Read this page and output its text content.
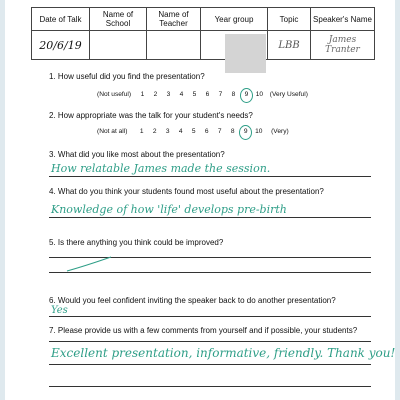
Date of Talk	Name of School	Name of Teacher	Year group	Topic	Speaker's Name
20/6/19				LBB	James Tranter
1. How useful did you find the presentation?
(Not useful) 1 2 3 4 5 6 7 8 9 10 (Very Useful)
2. How appropriate was the talk for your student's needs?
(Not at all) 1 2 3 4 5 6 7 8 9 10 (Very)
3. What did you like most about the presentation?
How relatable James made the session.
4. What do you think your students found most useful about the presentation?
Knowledge of how 'life' develops pre-birth
5. Is there anything you think could be improved?
6. Would you feel confident inviting the speaker back to do another presentation?
Yes
7. Please provide us with a few comments from yourself and if possible, your students?
Excellent presentation, informative, friendly. Thank you!
